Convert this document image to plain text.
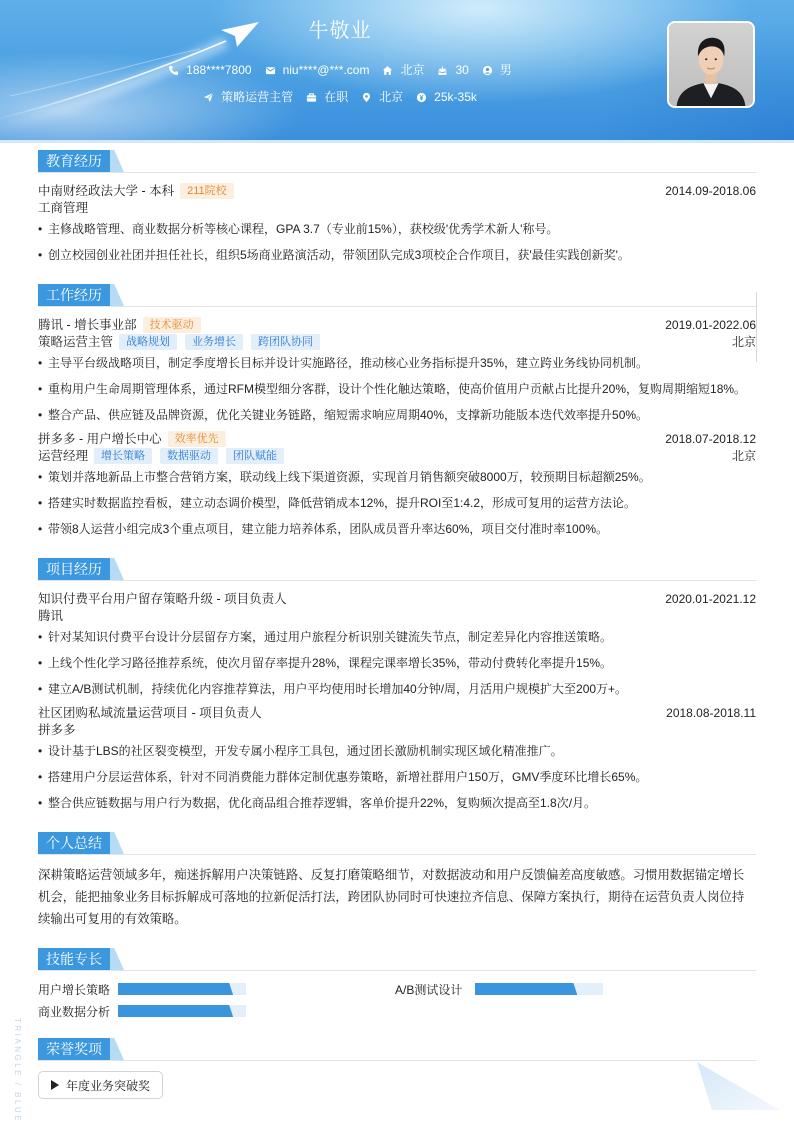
牛敬业
188****7800	niu****@***.com	北京	30	男
策略运营主管	在职	北京	25k-35k
教育经历
中南财经政法大学 - 本科	211院校	2014.09-2018.06
工商管理
• 主修战略管理、商业数据分析等核心课程，GPA 3.7（专业前15%），获校级'优秀学术新人'称号。
• 创立校园创业社团并担任社长，组织5场商业路演活动，带领团队完成3项校企合作项目，获'最佳实践创新奖'。
工作经历
腾讯 - 增长事业部	技术驱动	2019.01-2022.06
策略运营主管	战略规划	业务增长	跨团队协同	北京
• 主导平台级战略项目，制定季度增长目标并设计实施路径，推动核心业务指标提升35%，建立跨业务线协同机制。
• 重构用户生命周期管理体系，通过RFM模型细分客群，设计个性化触达策略，使高价值用户贡献占比提升20%，复购周期缩短18%。
• 整合产品、供应链及品牌资源，优化关键业务链路，缩短需求响应周期40%，支撑新功能版本迭代效率提升50%。
拼多多 - 用户增长中心	效率优先	2018.07-2018.12
运营经理	增长策略	数据驱动	团队赋能	北京
• 策划并落地新品上市整合营销方案，联动线上线下渠道资源，实现首月销售额突破8000万，较预期目标超额25%。
• 搭建实时数据监控看板，建立动态调价模型，降低营销成本12%，提升ROI至1:4.2，形成可复用的运营方法论。
• 带领8人运营小组完成3个重点项目，建立能力培养体系，团队成员晋升率达60%，项目交付准时率100%。
项目经历
知识付费平台用户留存策略升级 - 项目负责人	2020.01-2021.12
腾讯
• 针对某知识付费平台设计分层留存方案，通过用户旅程分析识别关键流失节点，制定差异化内容推送策略。
• 上线个性化学习路径推荐系统，使次月留存率提升28%，课程完课率增长35%，带动付费转化率提升15%。
• 建立A/B测试机制，持续优化内容推荐算法，用户平均使用时长增加40分钟/周，月活用户规模扩大至200万+。
社区团购私域流量运营项目 - 项目负责人	2018.08-2018.11
拼多多
• 设计基于LBS的社区裂变模型，开发专属小程序工具包，通过团长激励机制实现区域化精准推广。
• 搭建用户分层运营体系，针对不同消费能力群体定制优惠券策略，新增社群用户150万，GMV季度环比增长65%。
• 整合供应链数据与用户行为数据，优化商品组合推荐逻辑，客单价提升22%，复购频次提高至1.8次/月。
个人总结

深耕策略运营领域多年，痴迷拆解用户决策链路、反复打磨策略细节，对数据波动和用户反馈偏差高度敏感。习惯用数据锚定增长机会，能把抽象业务目标拆解成可落地的拉新促活打法，跨团队协同时可快速拉齐信息、保障方案执行，期待在运营负责人岗位持续输出可复用的有效策略。

技能专长
用户增长策略	A/B测试设计
商业数据分析
荣誉奖项
年度业务突破奖
TRIANGLE / BLUE
